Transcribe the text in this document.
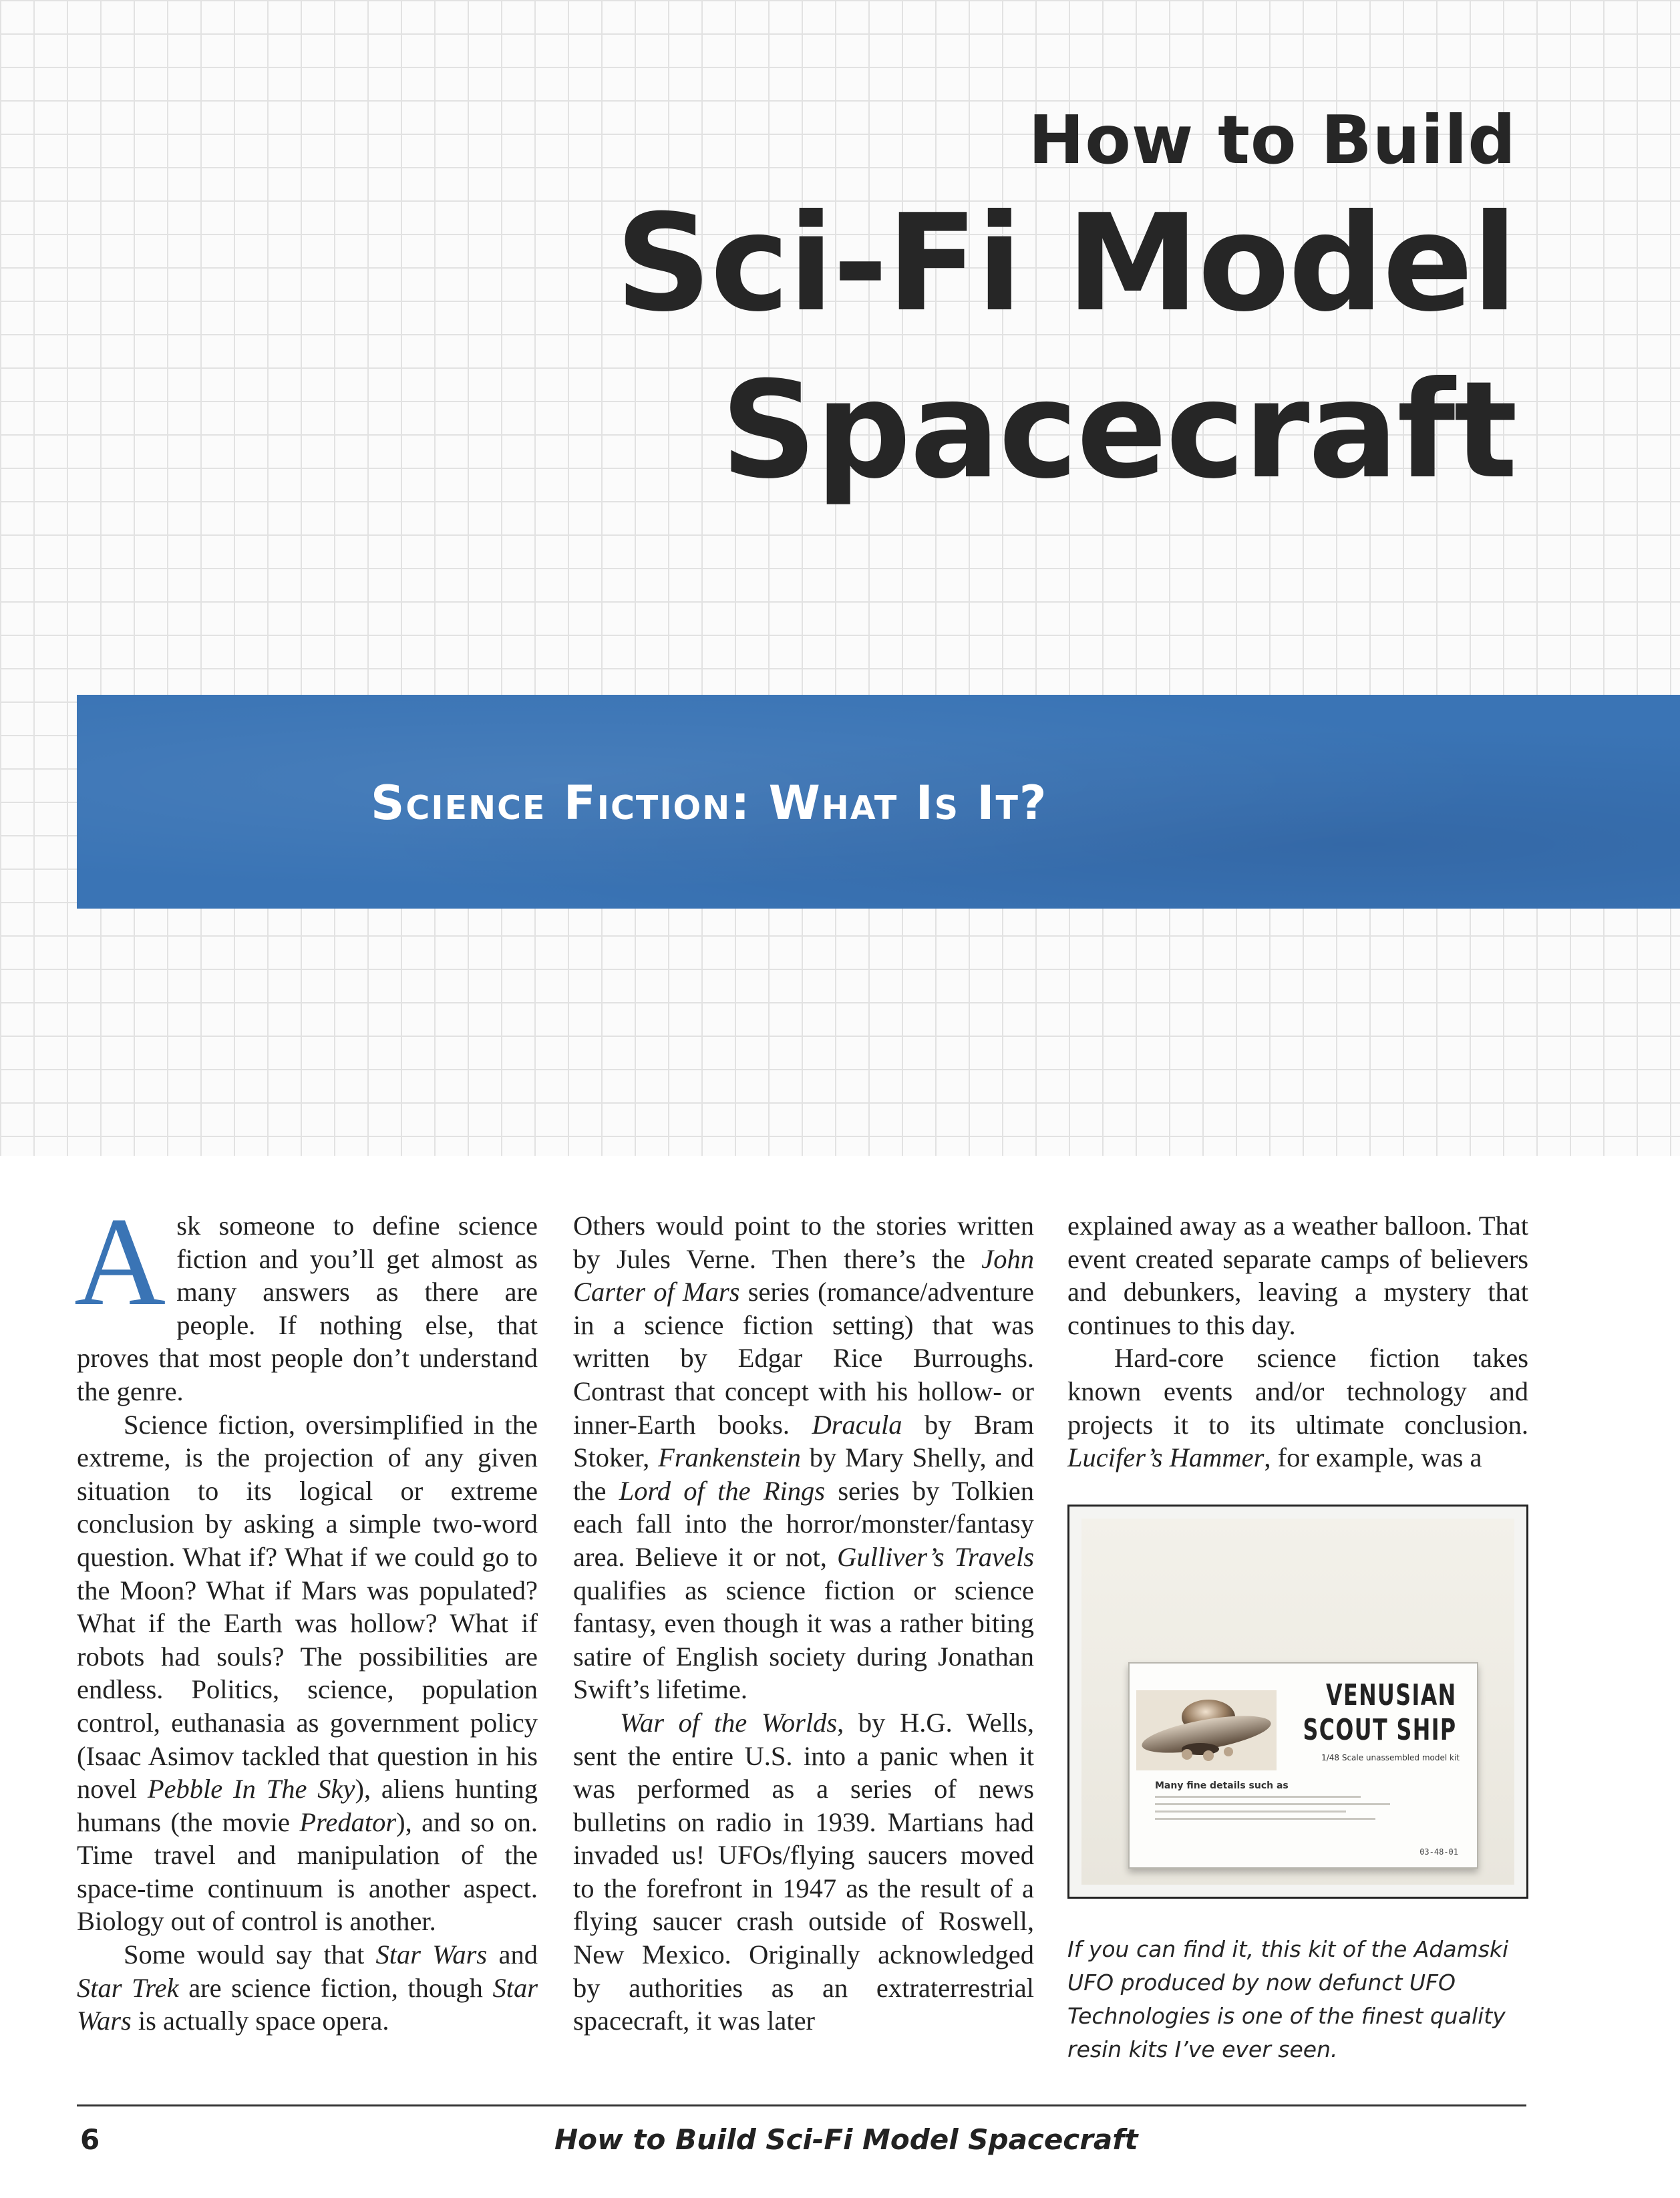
How to Build
Sci-Fi Model
Spacecraft
Science Fiction: What Is It?

Ask someone to define science fiction and you’ll get almost as many answers as there are people. If nothing else, that proves that most people don’t understand the genre.

Science fiction, oversimplified in the extreme, is the projection of any given situation to its logical or extreme conclusion by asking a simple two-word question. What if? What if we could go to the Moon? What if Mars was populated? What if the Earth was hollow? What if robots had souls? The possibilities are endless. Politics, science, population control, euthanasia as government policy (Isaac Asimov tackled that question in his novel Pebble In The Sky), aliens hunting humans (the movie Predator), and so on. Time travel and manipulation of the space-time continuum is another aspect. Biology out of control is another.

Some would say that Star Wars and Star Trek are science fiction, though Star Wars is actually space opera.

Others would point to the stories written by Jules Verne. Then there’s the John Carter of Mars series (romance/adventure in a science fiction setting) that was written by Edgar Rice Burroughs. Contrast that concept with his hollow- or inner-Earth books. Dracula by Bram Stoker, Frankenstein by Mary Shelly, and the Lord of the Rings series by Tolkien each fall into the horror/monster/fantasy area. Believe it or not, Gulliver’s Travels qualifies as science fiction or science fantasy, even though it was a rather biting satire of English society during Jonathan Swift’s lifetime.

War of the Worlds, by H.G. Wells, sent the entire U.S. into a panic when it was performed as a series of news bulletins on radio in 1939. Martians had invaded us! UFOs/flying saucers moved to the forefront in 1947 as the result of a flying saucer crash outside of Roswell, New Mexico. Originally acknowledged by authorities as an extraterrestrial spacecraft, it was later

explained away as a weather balloon. That event created separate camps of believers and debunkers, leaving a mystery that continues to this day.

Hard-core science fiction takes known events and/or technology and projects it to its ultimate conclusion. Lucifer’s Hammer, for example, was a

VENUSIAN
SCOUT SHIP
1/48 Scale unassembled model kit
Many fine details such as
03-48-01
If you can find it, this kit of the Adamski UFO produced by now defunct UFO Technologies is one of the finest quality resin kits I’ve ever seen.
6	How to Build Sci-Fi Model Spacecraft
